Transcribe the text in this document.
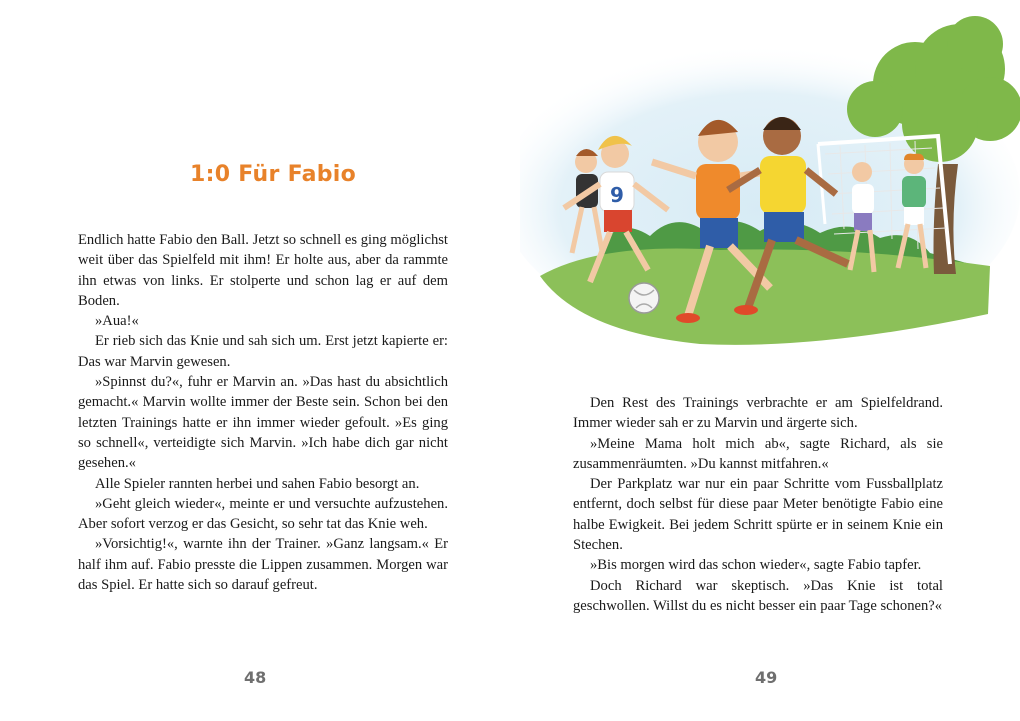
1:0 Für Fabio

Endlich hatte Fabio den Ball. Jetzt so schnell es ging möglichst weit über das Spielfeld mit ihm! Er holte aus, aber da rammte ihn etwas von links. Er stolperte und schon lag er auf dem Boden.

»Aua!«

Er rieb sich das Knie und sah sich um. Erst jetzt kapierte er: Das war Marvin gewesen.

»Spinnst du?«, fuhr er Marvin an. »Das hast du absichtlich gemacht.« Marvin wollte immer der Beste sein. Schon bei den letzten Trainings hatte er ihn immer wieder gefoult. »Es ging so schnell«, verteidigte sich Marvin. »Ich habe dich gar nicht gesehen.«

Alle Spieler rannten herbei und sahen Fabio besorgt an.

»Geht gleich wieder«, meinte er und versuchte aufzustehen. Aber sofort verzog er das Gesicht, so sehr tat das Knie weh.

»Vorsichtig!«, warnte ihn der Trainer. »Ganz langsam.« Er half ihm auf. Fabio presste die Lippen zusammen. Morgen war das Spiel. Er hatte sich so darauf gefreut.

48
9

Den Rest des Trainings verbrachte er am Spielfeldrand. Immer wieder sah er zu Marvin und ärgerte sich.

»Meine Mama holt mich ab«, sagte Richard, als sie zusammenräumten. »Du kannst mitfahren.«

Der Parkplatz war nur ein paar Schritte vom Fussballplatz entfernt, doch selbst für diese paar Meter benötigte Fabio eine halbe Ewigkeit. Bei jedem Schritt spürte er in seinem Knie ein Stechen.

»Bis morgen wird das schon wieder«, sagte Fabio tapfer.

Doch Richard war skeptisch. »Das Knie ist total geschwollen. Willst du es nicht besser ein paar Tage schonen?«

49
